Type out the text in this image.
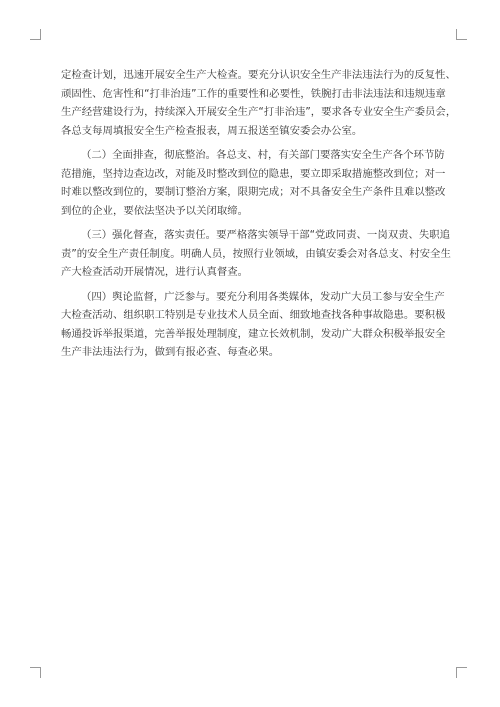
定检查计划，迅速开展安全生产大检查。要充分认识安全生产非法违法行为的反复性、
顽固性、危害性和“打非治违”工作的重要性和必要性，铁腕打击非法违法和违规违章
生产经营建设行为，持续深入开展安全生产“打非治违”，要求各专业安全生产委员会，
各总支每周填报安全生产检查报表，周五报送至镇安委会办公室。

（二）全面排查，彻底整治。各总支、村，有关部门要落实安全生产各个环节防
范措施，坚持边查边改，对能及时整改到位的隐患，要立即采取措施整改到位；对一
时难以整改到位的，要制订整治方案，限期完成；对不具备安全生产条件且难以整改
到位的企业，要依法坚决予以关闭取缔。

（三）强化督查，落实责任。要严格落实领导干部“党政同责、一岗双责、失职追
责”的安全生产责任制度。明确人员，按照行业领域，由镇安委会对各总支、村安全生
产大检查活动开展情况，进行认真督查。

（四）舆论监督，广泛参与。要充分利用各类媒体，发动广大员工参与安全生产
大检查活动、组织职工特别是专业技术人员全面、细致地查找各种事故隐患。要积极
畅通投诉举报渠道，完善举报处理制度，建立长效机制，发动广大群众积极举报安全
生产非法违法行为，做到有报必查、每查必果。
